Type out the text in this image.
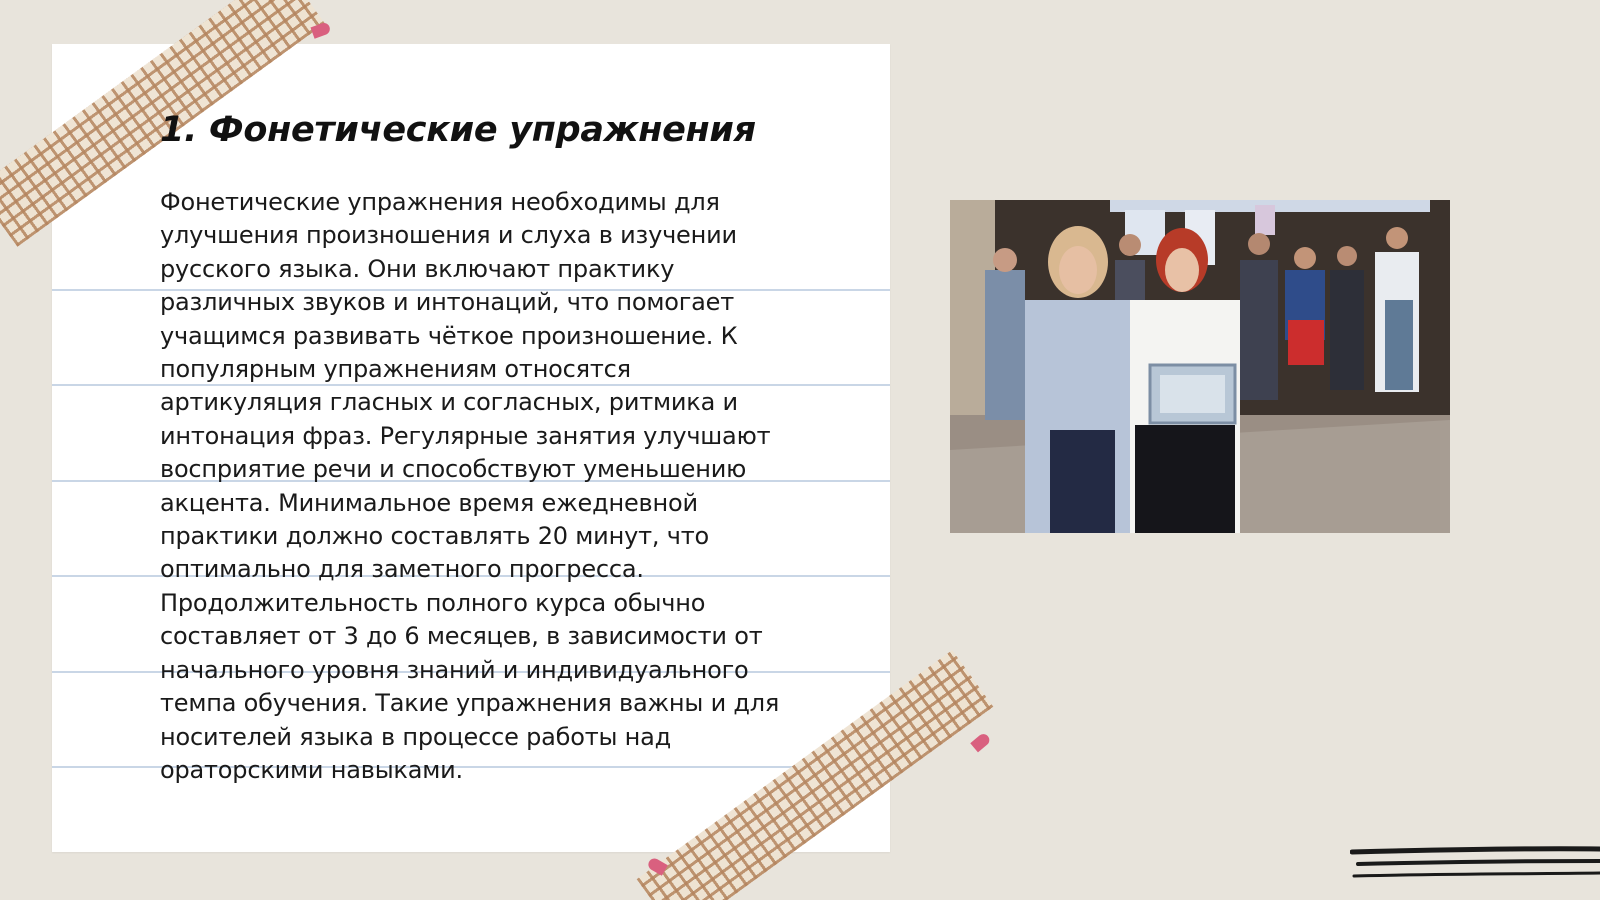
1. Фонетические упражнения

Фонетические упражнения необходимы для
улучшения произношения и слуха в изучении
русского языка. Они включают практику
различных звуков и интонаций, что помогает
учащимся развивать чёткое произношение. К
популярным упражнениям относятся
артикуляция гласных и согласных, ритмика и
интонация фраз. Регулярные занятия улучшают
восприятие речи и способствуют уменьшению
акцента. Минимальное время ежедневной
практики должно составлять 20 минут, что
оптимально для заметного прогресса.
Продолжительность полного курса обычно
составляет от 3 до 6 месяцев, в зависимости от
начального уровня знаний и индивидуального
темпа обучения. Такие упражнения важны и для
носителей языка в процессе работы над
ораторскими навыками.
